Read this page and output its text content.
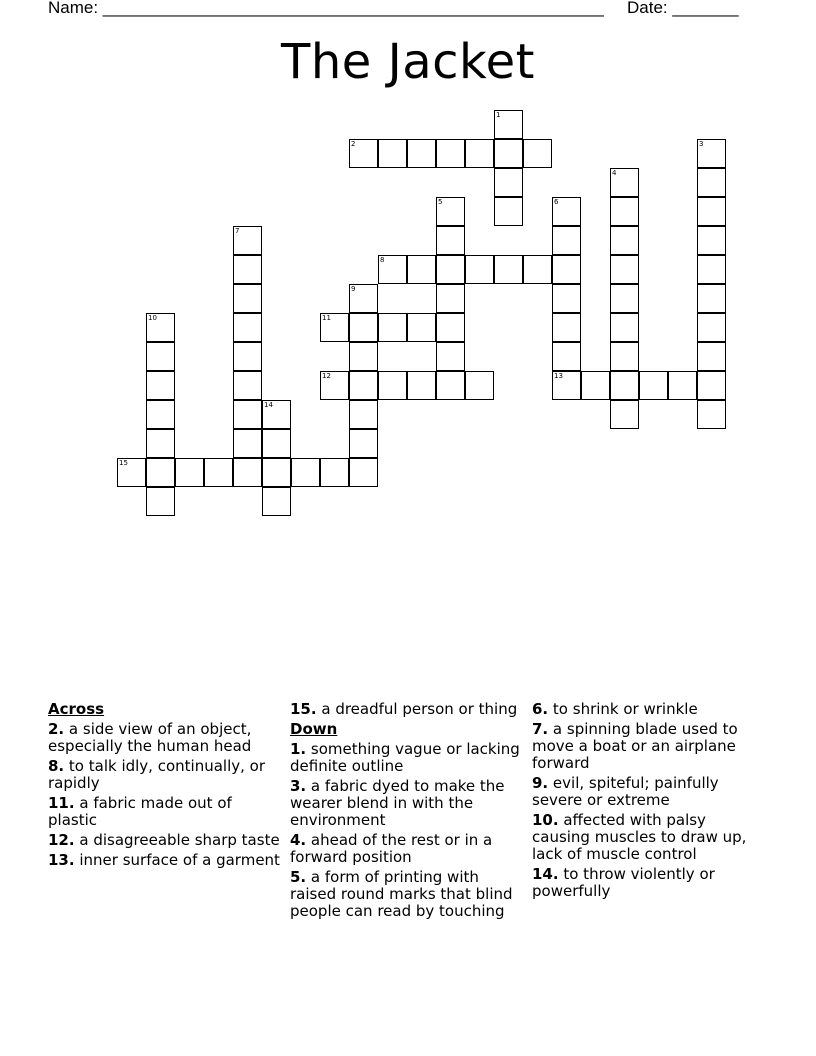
Name: _____________________________________________________ Date: _______
The Jacket
1
2	3
4
5	6
13
7
8
9
10	11
12
14
15
Across
2. a side view of an object, especially the human head
8. to talk idly, continually, or rapidly
11. a fabric made out of plastic
12. a disagreeable sharp taste
13. inner surface of a garment
15. a dreadful person or thing
Down
1. something vague or lacking definite outline
3. a fabric dyed to make the wearer blend in with the environment
4. ahead of the rest or in a forward position
5. a form of printing with raised round marks that blind people can read by touching
6. to shrink or wrinkle
7. a spinning blade used to move a boat or an airplane forward
9. evil, spiteful; painfully severe or extreme
10. affected with palsy causing muscles to draw up, lack of muscle control
14. to throw violently or powerfully
